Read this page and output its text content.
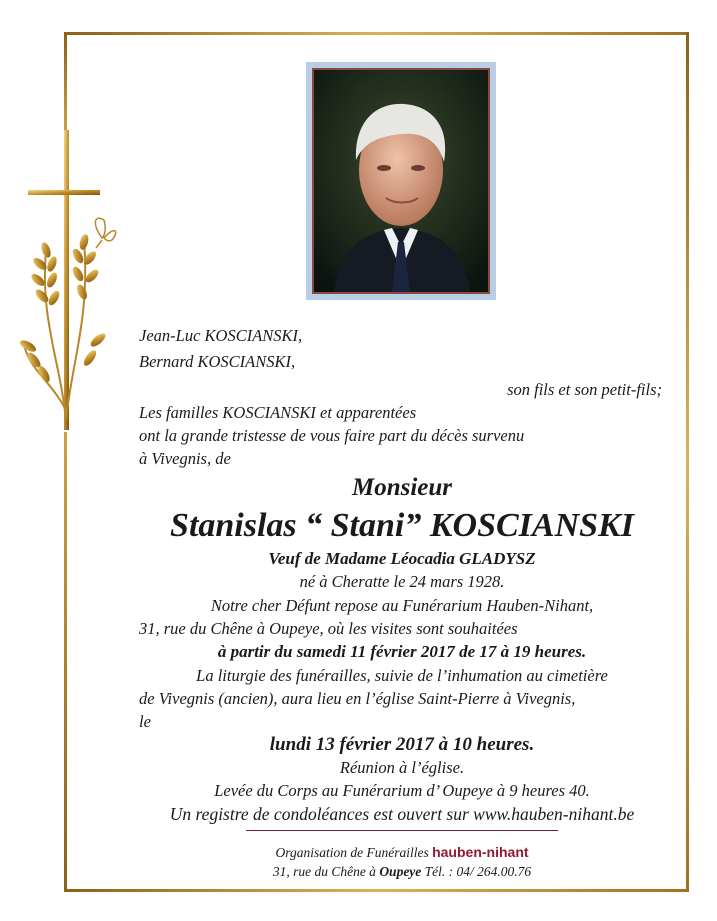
Jean-Luc KOSCIANSKI,
Bernard KOSCIANSKI,
son fils et son petit-fils;
Les familles KOSCIANSKI et apparentées
ont la grande tristesse de vous faire part du décès survenu
à Vivegnis, de
Monsieur
Stanislas “ Stani” KOSCIANSKI
Veuf de Madame Léocadia GLADYSZ
né à Cheratte le 24 mars 1928.
Notre cher Défunt repose au Funérarium Hauben-Nihant,
31, rue du Chêne à Oupeye, où les visites sont souhaitées
à partir du samedi 11 février 2017 de 17 à 19 heures.
La liturgie des funérailles, suivie de l’inhumation au cimetière
de Vivegnis (ancien), aura lieu en l’église Saint-Pierre à Vivegnis,
le
lundi 13 février 2017 à 10 heures.
Réunion à l’église.
Levée du Corps au Funérarium d’ Oupeye à 9 heures 40.
Un registre de condoléances est ouvert sur www.hauben-nihant.be
Organisation de Funérailles hauben-nihant
31, rue du Chêne à Oupeye Tél. : 04/ 264.00.76
